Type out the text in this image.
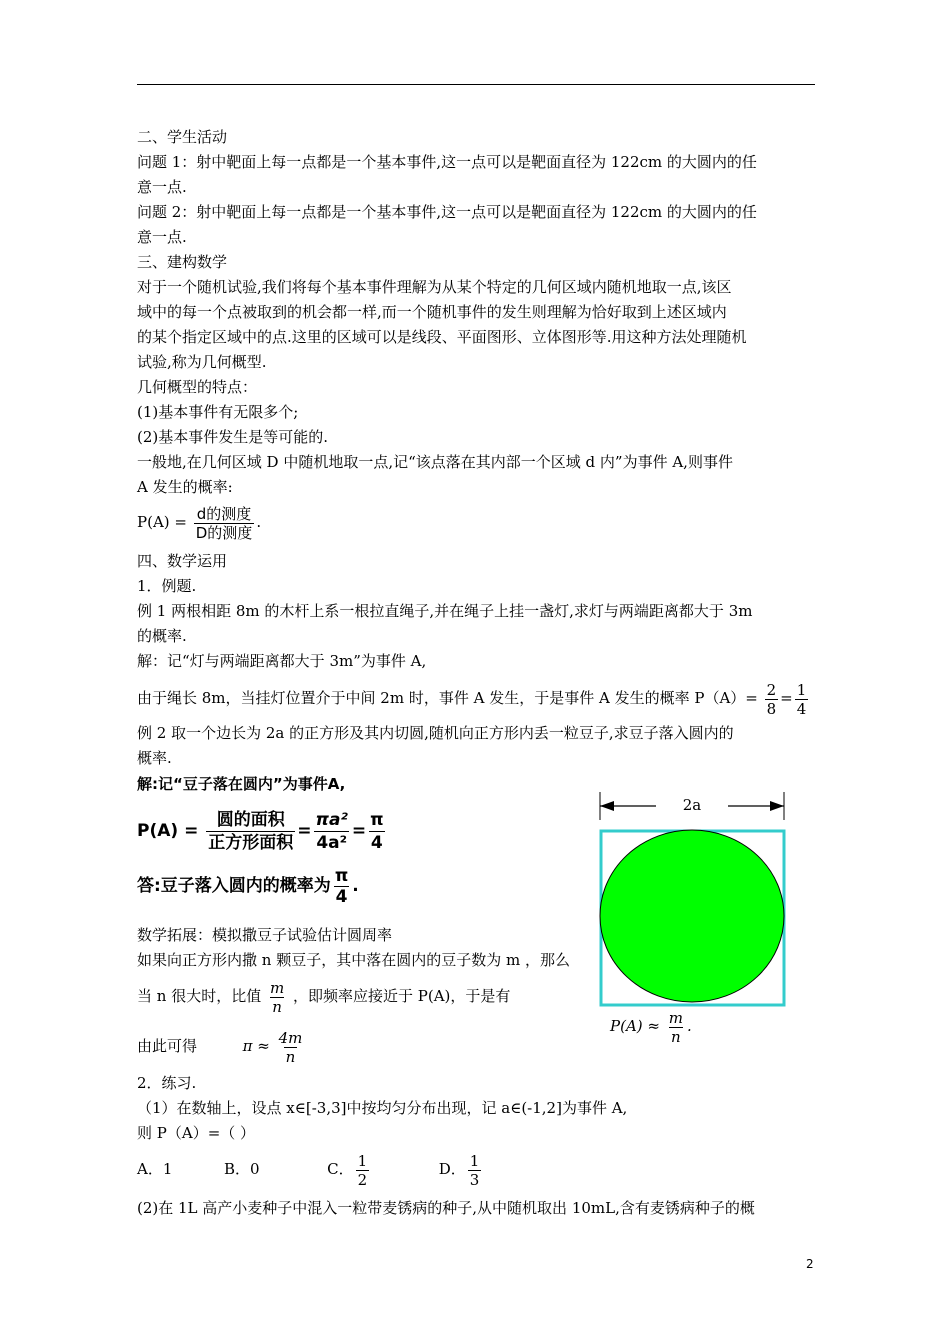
二、学生活动
问题 1：射中靶面上每一点都是一个基本事件,这一点可以是靶面直径为 122cm 的大圆内的任
意一点.
问题 2：射中靶面上每一点都是一个基本事件,这一点可以是靶面直径为 122cm 的大圆内的任
意一点.
三、建构数学
对于一个随机试验,我们将每个基本事件理解为从某个特定的几何区域内随机地取一点,该区
域中的每一个点被取到的机会都一样,而一个随机事件的发生则理解为恰好取到上述区域内
的某个指定区域中的点.这里的区域可以是线段、平面图形、立体图形等.用这种方法处理随机
试验,称为几何概型.
几何概型的特点：
(1)基本事件有无限多个;
(2)基本事件发生是等可能的.
一般地,在几何区域 D 中随机地取一点,记“该点落在其内部一个区域 d 内”为事件 A,则事件
A 发生的概率:
$P(A) = \frac{\text{d的测度}}{\text{D的测度}}$ .
四、数学运用
1．例题.
例 1 两根相距 8m 的木杆上系一根拉直绳子,并在绳子上挂一盏灯,求灯与两端距离都大于 3m
的概率.
解：记“灯与两端距离都大于 3m”为事件 A,
由于绳长 8m，当挂灯位置介于中间 2m 时，事件 A 发生，于是事件 A 发生的概率 $P(A)= \frac{2}{8} = \frac{1}{4}$
例 2 取一个边长为 2a 的正方形及其内切圆,随机向正方形内丢一粒豆子,求豆子落入圆内的
概率.
解:记“豆子落在圆内”为事件A,
$P(A) = \frac{\text{圆的面积}}{\text{正方形面积}} = \frac{\text{πa²}}{\text{4a²}} = \frac{\pi}{4}$
答:豆子落入圆内的概率为 $\frac{\pi}{4}$ .
数学拓展：模拟撒豆子试验估计圆周率
如果向正方形内撒 n 颗豆子，其中落在圆内的豆子数为 m ，那么
当 n 很大时，比值 $\frac{m}{n}$ ，即频率应接近于 P(A)，于是有
由此可得	$\pi \approx \frac{4m}{n}$
2a
$P(A) \approx \frac{m}{n}$ .
2．练习.
（1）在数轴上，设点 x∈[-3,3]中按均匀分布出现，记 a∈(-1,2]为事件 A,
则 P（A）=（ ）
A．1	B．0	C． $\frac{1}{2}$	D． $\frac{1}{3}$
(2)在 1L 高产小麦种子中混入一粒带麦锈病的种子,从中随机取出 10mL,含有麦锈病种子的概
2
